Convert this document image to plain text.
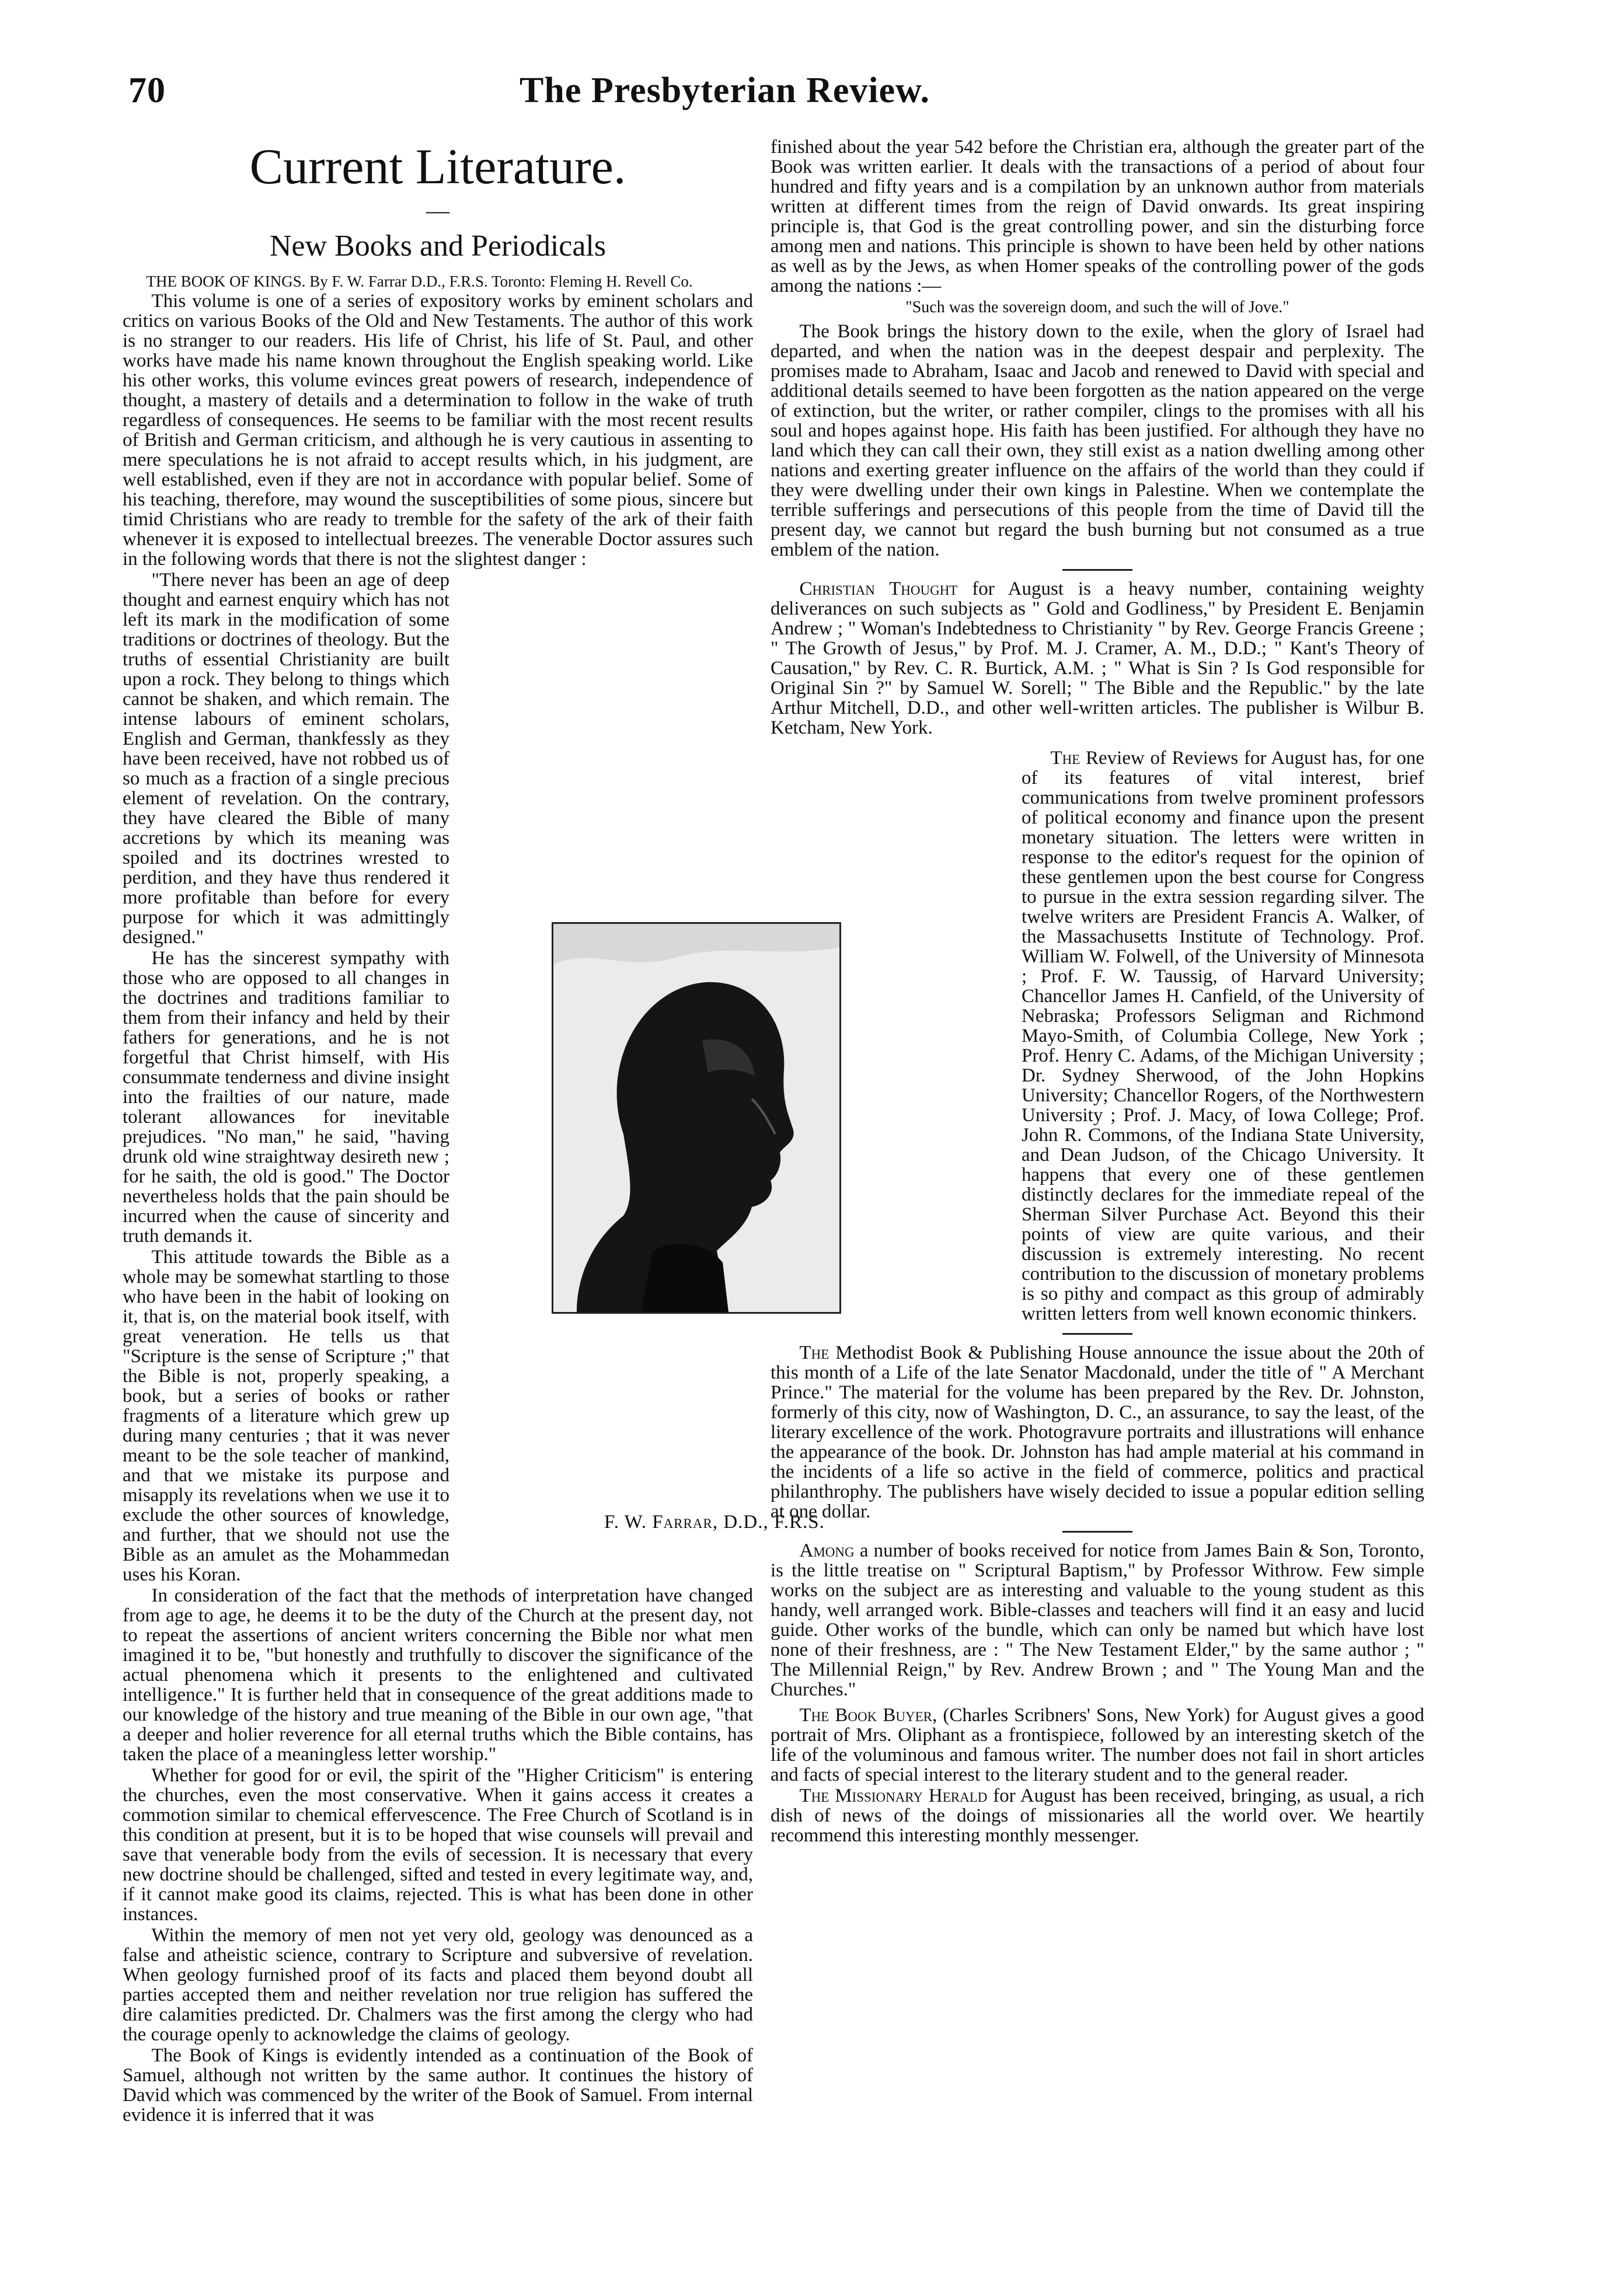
70	The Presbyterian Review.
Current Literature.
—
New Books and Periodicals

THE BOOK OF KINGS. By F. W. Farrar D.D., F.R.S. Toronto: Fleming H. Revell Co.

This volume is one of a series of expository works by eminent scholars and critics on various Books of the Old and New Testaments. The author of this work is no stranger to our readers. His life of Christ, his life of St. Paul, and other works have made his name known throughout the English speaking world. Like his other works, this volume evinces great powers of research, independence of thought, a mastery of details and a determination to follow in the wake of truth regardless of consequences. He seems to be familiar with the most recent results of British and German criticism, and although he is very cautious in assenting to mere speculations he is not afraid to accept results which, in his judgment, are well established, even if they are not in accordance with popular belief. Some of his teaching, therefore, may wound the susceptibilities of some pious, sincere but timid Christians who are ready to tremble for the safety of the ark of their faith whenever it is exposed to intellectual breezes. The venerable Doctor assures such in the following words that there is not the slightest danger :

"There never has been an age of deep thought and earnest enquiry which has not left its mark in the modification of some traditions or doctrines of theology. But the truths of essential Christianity are built upon a rock. They belong to things which cannot be shaken, and which remain. The intense labours of eminent scholars, English and German, thankfessly as they have been received, have not robbed us of so much as a fraction of a single precious element of revelation. On the contrary, they have cleared the Bible of many accretions by which its meaning was spoiled and its doctrines wrested to perdition, and they have thus rendered it more profitable than before for every purpose for which it was admittingly designed."

He has the sincerest sympathy with those who are opposed to all changes in the doctrines and traditions familiar to them from their infancy and held by their fathers for generations, and he is not forgetful that Christ himself, with His consummate tenderness and divine insight into the frailties of our nature, made tolerant allowances for inevitable prejudices. "No man," he said, "having drunk old wine straightway desireth new ; for he saith, the old is good." The Doctor nevertheless holds that the pain should be incurred when the cause of sincerity and truth demands it.

This attitude towards the Bible as a whole may be somewhat startling to those who have been in the habit of looking on it, that is, on the material book itself, with great veneration. He tells us that "Scripture is the sense of Scripture ;" that the Bible is not, properly speaking, a book, but a series of books or rather fragments of a literature which grew up during many centuries ; that it was never meant to be the sole teacher of mankind, and that we mistake its purpose and misapply its revelations when we use it to exclude the other sources of knowledge, and further, that we should not use the Bible as an amulet as the Mohammedan uses his Koran.

In consideration of the fact that the methods of interpretation have changed from age to age, he deems it to be the duty of the Church at the present day, not to repeat the assertions of ancient writers concerning the Bible nor what men imagined it to be, "but honestly and truthfully to discover the significance of the actual phenomena which it presents to the enlightened and cultivated intelligence." It is further held that in consequence of the great additions made to our knowledge of the history and true meaning of the Bible in our own age, "that a deeper and holier reverence for all eternal truths which the Bible contains, has taken the place of a meaningless letter worship."

Whether for good for or evil, the spirit of the "Higher Criticism" is entering the churches, even the most conservative. When it gains access it creates a commotion similar to chemical effervescence. The Free Church of Scotland is in this condition at present, but it is to be hoped that wise counsels will prevail and save that venerable body from the evils of secession. It is necessary that every new doctrine should be challenged, sifted and tested in every legitimate way, and, if it cannot make good its claims, rejected. This is what has been done in other instances.

Within the memory of men not yet very old, geology was denounced as a false and atheistic science, contrary to Scripture and subversive of revelation. When geology furnished proof of its facts and placed them beyond doubt all parties accepted them and neither revelation nor true religion has suffered the dire calamities predicted. Dr. Chalmers was the first among the clergy who had the courage openly to acknowledge the claims of geology.

The Book of Kings is evidently intended as a continuation of the Book of Samuel, although not written by the same author. It continues the history of David which was commenced by the writer of the Book of Samuel. From internal evidence it is inferred that it was

F. W. Farrar, D.D., F.R.S.

finished about the year 542 before the Christian era, although the greater part of the Book was written earlier. It deals with the transactions of a period of about four hundred and fifty years and is a compilation by an unknown author from materials written at different times from the reign of David onwards. Its great inspiring principle is, that God is the great controlling power, and sin the disturbing force among men and nations. This principle is shown to have been held by other nations as well as by the Jews, as when Homer speaks of the controlling power of the gods among the nations :—

"Such was the sovereign doom, and such the will of Jove."

The Book brings the history down to the exile, when the glory of Israel had departed, and when the nation was in the deepest despair and perplexity. The promises made to Abraham, Isaac and Jacob and renewed to David with special and additional details seemed to have been forgotten as the nation appeared on the verge of extinction, but the writer, or rather compiler, clings to the promises with all his soul and hopes against hope. His faith has been justified. For although they have no land which they can call their own, they still exist as a nation dwelling among other nations and exerting greater influence on the affairs of the world than they could if they were dwelling under their own kings in Palestine. When we contemplate the terrible sufferings and persecutions of this people from the time of David till the present day, we cannot but regard the bush burning but not consumed as a true emblem of the nation.

Christian Thought for August is a heavy number, containing weighty deliverances on such subjects as " Gold and Godliness," by President E. Benjamin Andrew ; " Woman's Indebtedness to Christianity " by Rev. George Francis Greene ; " The Growth of Jesus," by Prof. M. J. Cramer, A. M., D.D.; " Kant's Theory of Causation," by Rev. C. R. Burtick, A.M. ; " What is Sin ? Is God responsible for Original Sin ?" by Samuel W. Sorell; " The Bible and the Republic." by the late Arthur Mitchell, D.D., and other well-written articles. The publisher is Wilbur B. Ketcham, New York.

The Review of Reviews for August has, for one of its features of vital interest, brief communications from twelve prominent professors of political economy and finance upon the present monetary situation. The letters were written in response to the editor's request for the opinion of these gentlemen upon the best course for Congress to pursue in the extra session regarding silver. The twelve writers are President Francis A. Walker, of the Massachusetts Institute of Technology. Prof. William W. Folwell, of the University of Minnesota ; Prof. F. W. Taussig, of Harvard University; Chancellor James H. Canfield, of the University of Nebraska; Professors Seligman and Richmond Mayo-Smith, of Columbia College, New York ; Prof. Henry C. Adams, of the Michigan University ; Dr. Sydney Sherwood, of the John Hopkins University; Chancellor Rogers, of the Northwestern University ; Prof. J. Macy, of Iowa College; Prof. John R. Commons, of the Indiana State University, and Dean Judson, of the Chicago University. It happens that every one of these gentlemen distinctly declares for the immediate repeal of the Sherman Silver Purchase Act. Beyond this their points of view are quite various, and their discussion is extremely interesting. No recent contribution to the discussion of monetary problems is so pithy and compact as this group of admirably written letters from well known economic thinkers.

The Methodist Book & Publishing House announce the issue about the 20th of this month of a Life of the late Senator Macdonald, under the title of " A Merchant Prince." The material for the volume has been prepared by the Rev. Dr. Johnston, formerly of this city, now of Washington, D. C., an assurance, to say the least, of the literary excellence of the work. Photogravure portraits and illustrations will enhance the appearance of the book. Dr. Johnston has had ample material at his command in the incidents of a life so active in the field of commerce, politics and practical philanthrophy. The publishers have wisely decided to issue a popular edition selling at one dollar.

Among a number of books received for notice from James Bain & Son, Toronto, is the little treatise on " Scriptural Baptism," by Professor Withrow. Few simple works on the subject are as interesting and valuable to the young student as this handy, well arranged work. Bible-classes and teachers will find it an easy and lucid guide. Other works of the bundle, which can only be named but which have lost none of their freshness, are : " The New Testament Elder," by the same author ; " The Millennial Reign," by Rev. Andrew Brown ; and " The Young Man and the Churches."

The Book Buyer, (Charles Scribners' Sons, New York) for August gives a good portrait of Mrs. Oliphant as a frontispiece, followed by an interesting sketch of the life of the voluminous and famous writer. The number does not fail in short articles and facts of special interest to the literary student and to the general reader.

The Missionary Herald for August has been received, bringing, as usual, a rich dish of news of the doings of missionaries all the world over. We heartily recommend this interesting monthly messenger.
